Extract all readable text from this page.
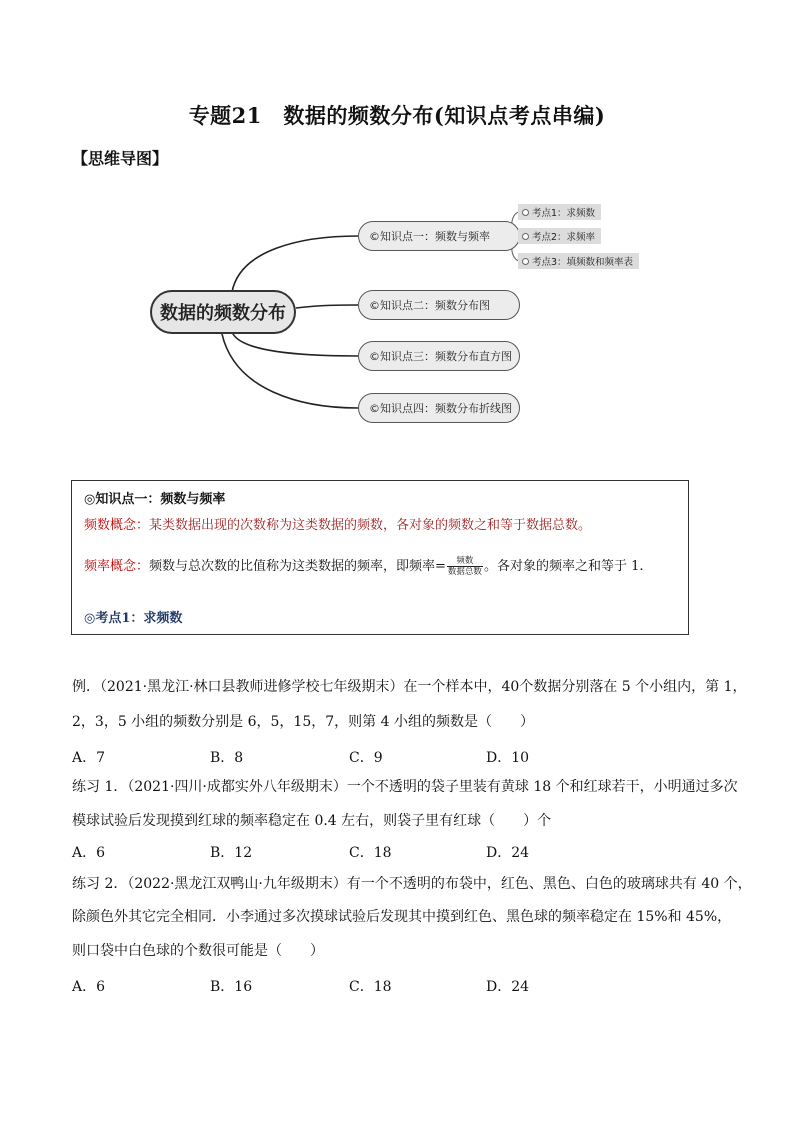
专题21　数据的频数分布(知识点考点串编)
【思维导图】
数据的频数分布
©知识点一：频数与频率
©知识点二：频数分布图
©知识点三：频数分布直方图
©知识点四：频数分布折线图
考点1：求频数
考点2：求频率
考点3：填频数和频率表
◎知识点一：频数与频率
频数概念：某类数据出现的次数称为这类数据的频数，各对象的频数之和等于数据总数。
频率概念：频数与总次数的比值称为这类数据的频率，即频率= $\frac{\text{频数}}{\text{数据总数}}$ 。各对象的频率之和等于 1.
◎考点1：求频数
例．（2021·黑龙江·林口县教师进修学校七年级期末）在一个样本中，40个数据分别落在 5 个小组内，第 1，
2，3，5 小组的频数分别是 6，5，15，7，则第 4 小组的频数是（　　）
A．7	B．8	C．9	D．10
练习 1．（2021·四川·成都实外八年级期末）一个不透明的袋子里装有黄球 18 个和红球若干，小明通过多次
模球试验后发现摸到红球的频率稳定在 0.4 左右，则袋子里有红球（　　）个
A．6	B．12	C．18	D．24
练习 2．（2022·黑龙江双鸭山·九年级期末）有一个不透明的布袋中，红色、黑色、白色的玻璃球共有 40 个，
除颜色外其它完全相同．小李通过多次摸球试验后发现其中摸到红色、黑色球的频率稳定在 15%和 45%，
则口袋中白色球的个数很可能是（　　）
A．6	B．16	C．18	D．24
